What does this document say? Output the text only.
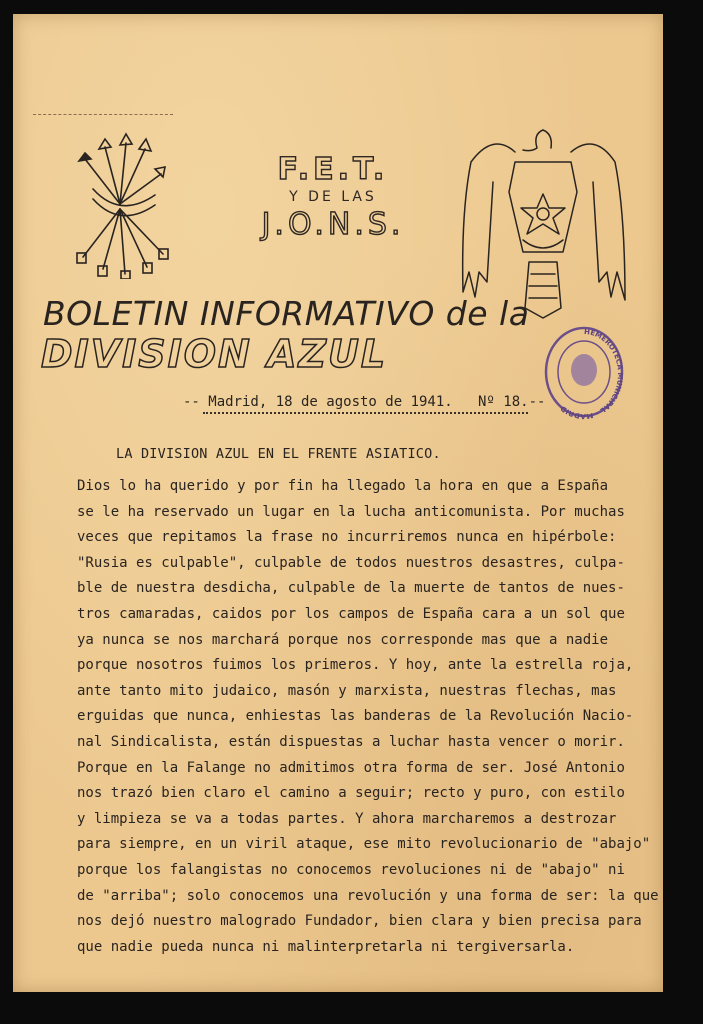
F.E.T.
Y DE LAS
J.O.N.S.
BOLETIN INFORMATIVO de la
DIVISION AZUL
-- Madrid, 18 de agosto de 1941.   Nº 18.--
HEMEROTECA MUNICIPAL · MADRID
LA DIVISION AZUL EN EL FRENTE ASIATICO.
Dios lo ha querido y por fin ha llegado la hora en que a España
se le ha reservado un lugar en la lucha anticomunista. Por muchas
veces que repitamos la frase no incurriremos nunca en hipérbole:
"Rusia es culpable", culpable de todos nuestros desastres, culpa-
ble de nuestra desdicha, culpable de la muerte de tantos de nues-
tros camaradas, caidos por los campos de España cara a un sol que
ya nunca se nos marchará porque nos corresponde mas que a nadie
porque nosotros fuimos los primeros. Y hoy, ante la estrella roja,
ante tanto mito judaico, masón y marxista, nuestras flechas, mas
erguidas que nunca, enhiestas las banderas de la Revolución Nacio-
nal Sindicalista, están dispuestas a luchar hasta vencer o morir.
Porque en la Falange no admitimos otra forma de ser. José Antonio
nos trazó bien claro el camino a seguir; recto y puro, con estilo
y limpieza se va a todas partes. Y ahora marcharemos a destrozar
para siempre, en un viril ataque, ese mito revolucionario de "abajo"
porque los falangistas no conocemos revoluciones ni de "abajo" ni
de "arriba"; solo conocemos una revolución y una forma de ser: la que
nos dejó nuestro malogrado Fundador, bien clara y bien precisa para
que nadie pueda nunca ni malinterpretarla ni tergiversarla.
